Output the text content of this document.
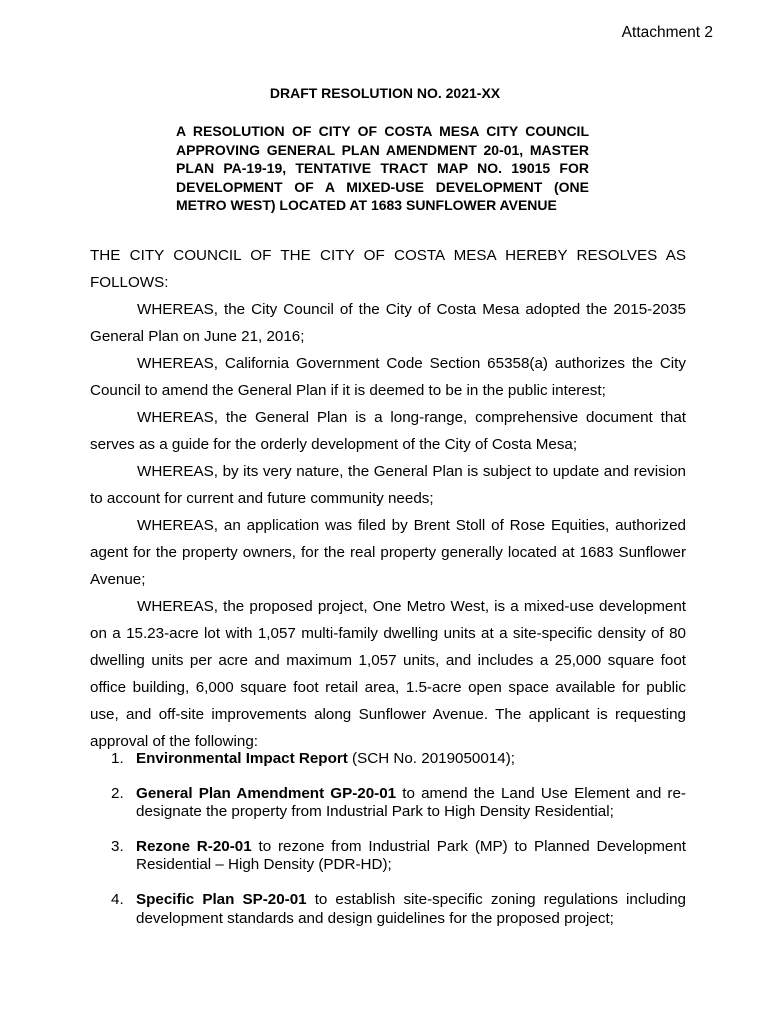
Attachment 2
DRAFT RESOLUTION NO. 2021-XX
A RESOLUTION OF CITY OF COSTA MESA CITY COUNCIL APPROVING GENERAL PLAN AMENDMENT 20-01, MASTER PLAN PA-19-19, TENTATIVE TRACT MAP NO. 19015 FOR DEVELOPMENT OF A MIXED-USE DEVELOPMENT (ONE METRO WEST) LOCATED AT 1683 SUNFLOWER AVENUE

THE CITY COUNCIL OF THE CITY OF COSTA MESA HEREBY RESOLVES AS FOLLOWS:

WHEREAS, the City Council of the City of Costa Mesa adopted the 2015-2035 General Plan on June 21, 2016;

WHEREAS, California Government Code Section 65358(a) authorizes the City Council to amend the General Plan if it is deemed to be in the public interest;

WHEREAS, the General Plan is a long-range, comprehensive document that serves as a guide for the orderly development of the City of Costa Mesa;

WHEREAS, by its very nature, the General Plan is subject to update and revision to account for current and future community needs;

WHEREAS, an application was filed by Brent Stoll of Rose Equities, authorized agent for the property owners, for the real property generally located at 1683 Sunflower Avenue;

WHEREAS, the proposed project, One Metro West, is a mixed-use development on a 15.23-acre lot with 1,057 multi-family dwelling units at a site-specific density of 80 dwelling units per acre and maximum 1,057 units, and includes a 25,000 square foot office building, 6,000 square foot retail area, 1.5-acre open space available for public use, and off-site improvements along Sunflower Avenue. The applicant is requesting approval of the following:

1. Environmental Impact Report (SCH No. 2019050014);
2. General Plan Amendment GP-20-01 to amend the Land Use Element and re-designate the property from Industrial Park to High Density Residential;
3. Rezone R-20-01 to rezone from Industrial Park (MP) to Planned Development Residential – High Density (PDR-HD);
4. Specific Plan SP-20-01 to establish site-specific zoning regulations including development standards and design guidelines for the proposed project;
